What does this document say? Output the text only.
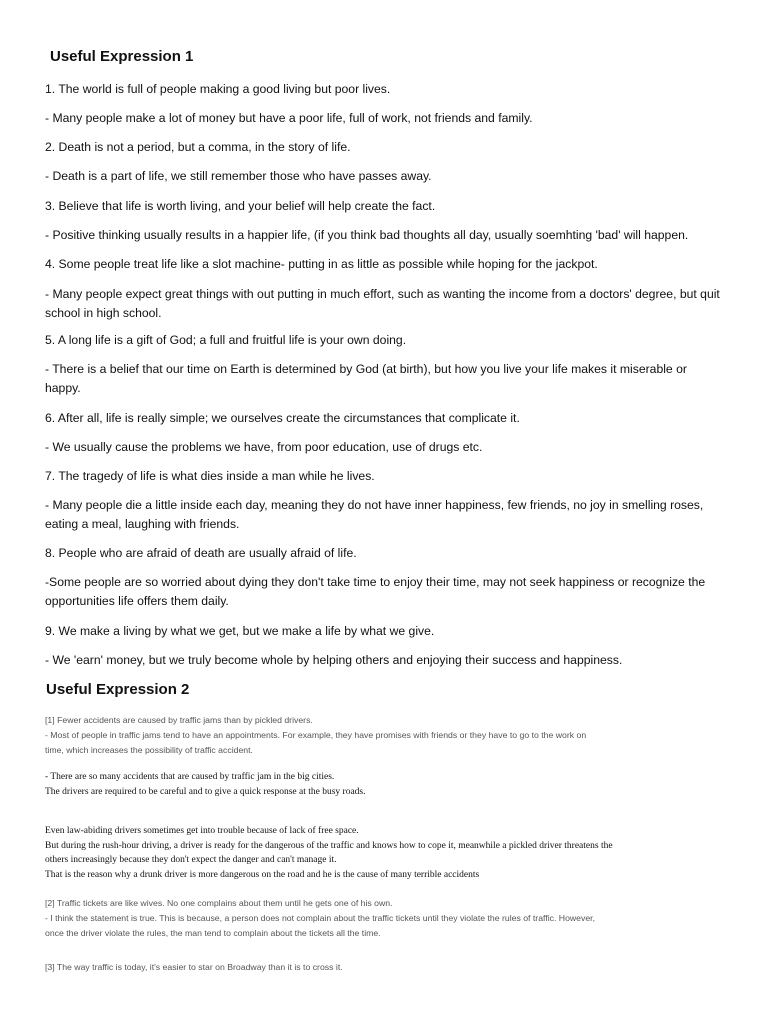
Useful Expression 1

1. The world is full of people making a good living but poor lives.

- Many people make a lot of money but have a poor life, full of work, not friends and family.

2. Death is not a period, but a comma, in the story of life.

- Death is a part of life, we still remember those who have passes away.

3. Believe that life is worth living, and your belief will help create the fact.

- Positive thinking usually results in a happier life, (if you think bad thoughts all day, usually soemhting 'bad' will happen.

4. Some people treat life like a slot machine- putting in as little as possible while hoping for the jackpot.

- Many people expect great things with out putting in much effort, such as wanting the income from a doctors' degree, but quit school in high school.

5. A long life is a gift of God; a full and fruitful life is your own doing.

- There is a belief that our time on Earth is determined by God (at birth), but how you live your life makes it miserable or happy.

6. After all, life is really simple; we ourselves create the circumstances that complicate it.

- We usually cause the problems we have, from poor education, use of drugs etc.

7. The tragedy of life is what dies inside a man while he lives.

- Many people die a little inside each day, meaning they do not have inner happiness, few friends, no joy in smelling roses, eating a meal, laughing with friends.

8. People who are afraid of death are usually afraid of life.

-Some people are so worried about dying they don't take time to enjoy their time, may not seek happiness or recognize the opportunities life offers them daily.

9. We make a living by what we get, but we make a life by what we give.

- We 'earn' money, but we truly become whole by helping others and enjoying their success and happiness.

Useful Expression 2

[1] Fewer accidents are caused by traffic jams than by pickled drivers.
- Most of people in traffic jams tend to have an appointments. For example, they have promises with friends or they have to go to the work on
time, which increases the possibility of traffic accident.

- There are so many accidents that are caused by traffic jam in the big cities.
The drivers are required to be careful and to give a quick response at the busy roads.

Even law-abiding drivers sometimes get into trouble because of lack of free space.
But during the rush-hour driving, a driver is ready for the dangerous of the traffic and knows how to cope it, meanwhile a pickled driver threatens the
others increasingly because they don't expect the danger and can't manage it.
That is the reason why a drunk driver is more dangerous on the road and he is the cause of many terrible accidents

[2] Traffic tickets are like wives. No one complains about them until he gets one of his own.
- I think the statement is true. This is because, a person does not complain about the traffic tickets until they violate the rules of traffic. However,
once the driver violate the rules, the man tend to complain about the tickets all the time.

[3] The way traffic is today, it's easier to star on Broadway than it is to cross it.
